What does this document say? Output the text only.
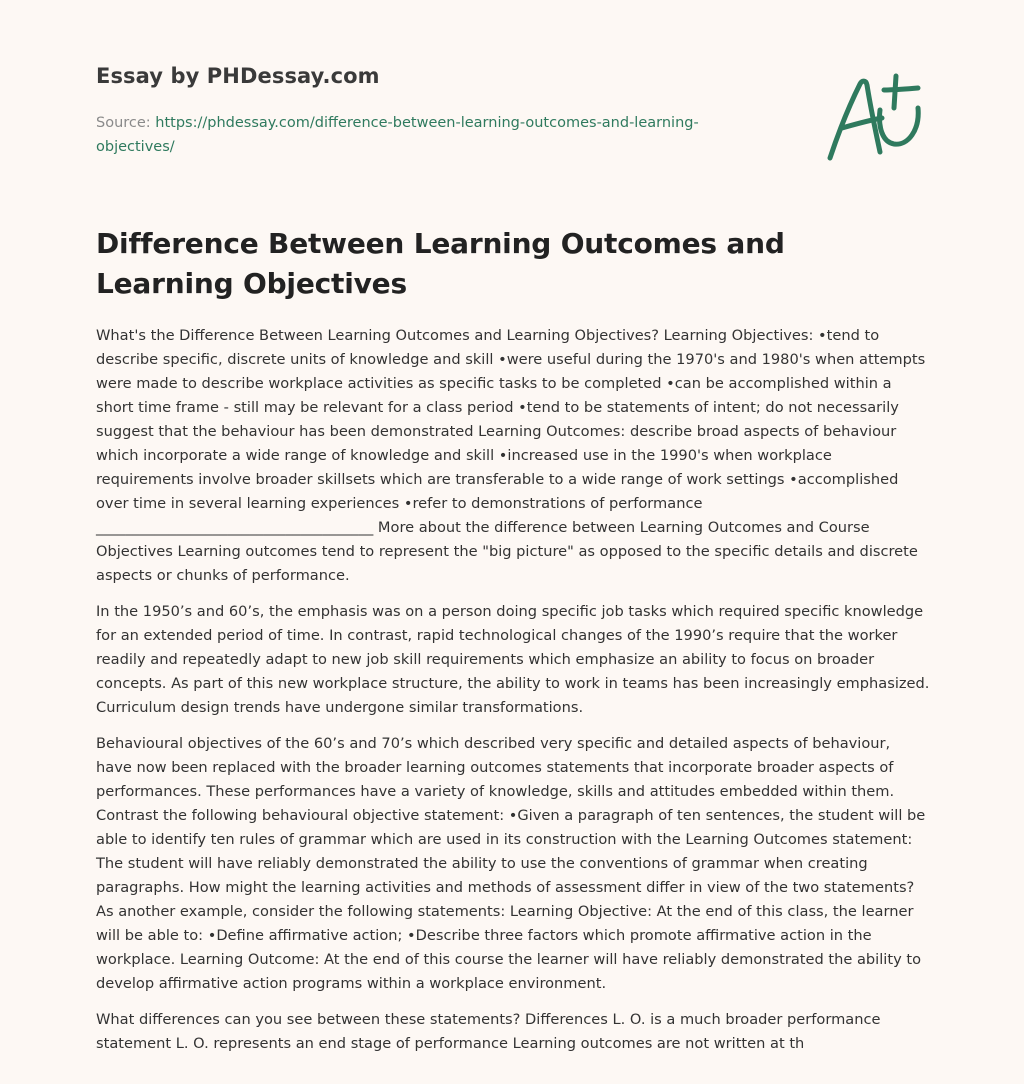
Essay by PHDessay.com
Source: https://phdessay.com/difference-between-learning-outcomes-and-learning-objectives/
Difference Between Learning Outcomes and Learning Objectives

What's the Difference Between Learning Outcomes and Learning Objectives? Learning Objectives: •tend to describe specific, discrete units of knowledge and skill •were useful during the 1970's and 1980's when attempts were made to describe workplace activities as specific tasks to be completed •can be accomplished within a short time frame - still may be relevant for a class period •tend to be statements of intent; do not necessarily suggest that the behaviour has been demonstrated Learning Outcomes: describe broad aspects of behaviour which incorporate a wide range of knowledge and skill •increased use in the 1990's when workplace requirements involve broader skillsets which are transferable to a wide range of work settings •accomplished over time in several learning experiences •refer to demonstrations of performance ______________________________________ More about the difference between Learning Outcomes and Course Objectives Learning outcomes tend to represent the "big picture" as opposed to the specific details and discrete aspects or chunks of performance.

In the 1950’s and 60’s, the emphasis was on a person doing specific job tasks which required specific knowledge for an extended period of time. In contrast, rapid technological changes of the 1990’s require that the worker readily and repeatedly adapt to new job skill requirements which emphasize an ability to focus on broader concepts. As part of this new workplace structure, the ability to work in teams has been increasingly emphasized. Curriculum design trends have undergone similar transformations.

Behavioural objectives of the 60’s and 70’s which described very specific and detailed aspects of behaviour, have now been replaced with the broader learning outcomes statements that incorporate broader aspects of performances. These performances have a variety of knowledge, skills and attitudes embedded within them. Contrast the following behavioural objective statement: •Given a paragraph of ten sentences, the student will be able to identify ten rules of grammar which are used in its construction with the Learning Outcomes statement: The student will have reliably demonstrated the ability to use the conventions of grammar when creating paragraphs. How might the learning activities and methods of assessment differ in view of the two statements? As another example, consider the following statements: Learning Objective: At the end of this class, the learner will be able to: •Define affirmative action; •Describe three factors which promote affirmative action in the workplace. Learning Outcome: At the end of this course the learner will have reliably demonstrated the ability to develop affirmative action programs within a workplace environment.

What differences can you see between these statements? Differences L. O. is a much broader performance statement L. O. represents an end stage of performance Learning outcomes are not written at th
